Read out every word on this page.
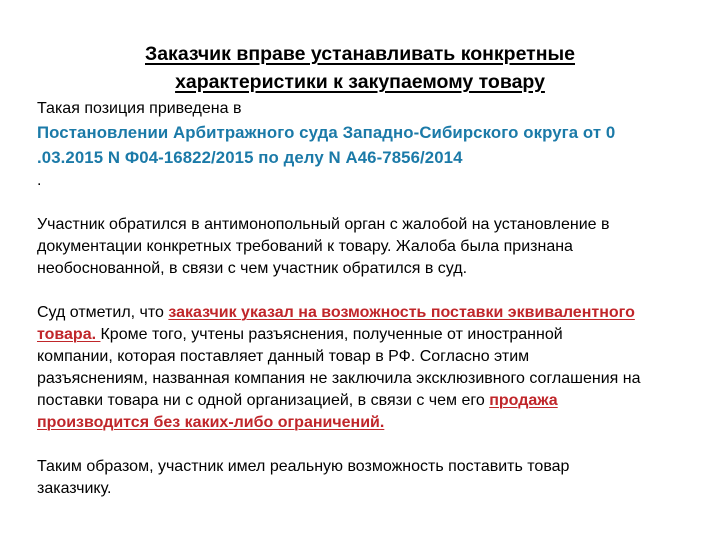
Заказчик вправе устанавливать конкретные
характеристики к закупаемому товару
Такая позиция приведена в
Постановлении Арбитражного суда Западно-Сибирского округа от 0
.03.2015 N Ф04-16822/2015 по делу N А46-7856/2014
.
Участник обратился в антимонопольный орган с жалобой на установление в
документации конкретных требований к товару. Жалоба была признана
необоснованной, в связи с чем участник обратился в суд.
Суд отметил, что заказчик указал на возможность поставки эквивалентного
товара. Кроме того, учтены разъяснения, полученные от иностранной
компании, которая поставляет данный товар в РФ. Согласно этим
разъяснениям, названная компания не заключила эксклюзивного соглашения на
поставки товара ни с одной организацией, в связи с чем его продажа
производится без каких-либо ограничений.
Таким образом, участник имел реальную возможность поставить товар
заказчику.
